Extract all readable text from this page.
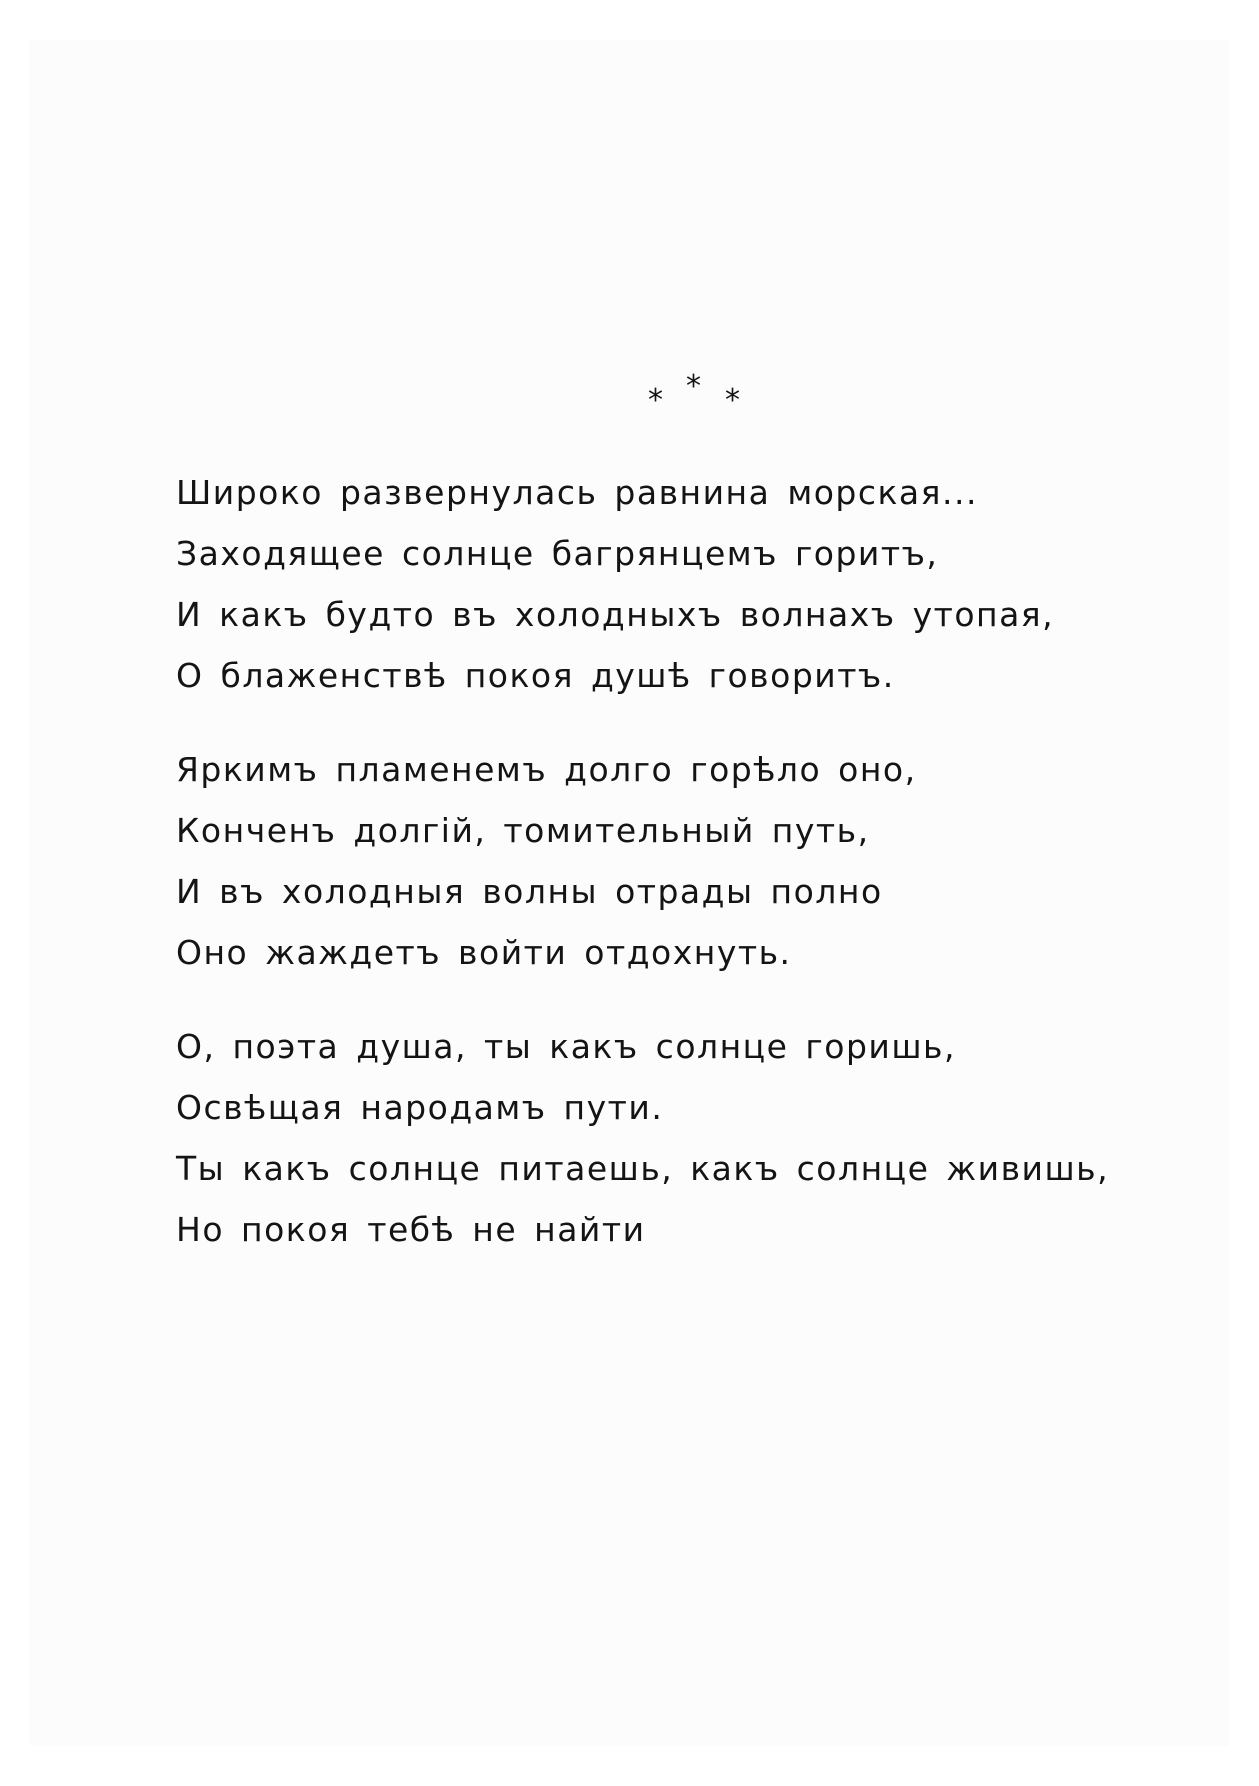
* * *
Широко развернулась равнина морская...
Заходящее солнце багрянцемъ горитъ,
И какъ будто въ холодныхъ волнахъ утопая,
О блаженствѣ покоя душѣ говоритъ.
Яркимъ пламенемъ долго горѣло оно,
Конченъ долгій, томительный путь,
И въ холодныя волны отрады полно
Оно жаждетъ войти отдохнуть.
О, поэта душа, ты какъ солнце горишь,
Освѣщая народамъ пути.
Ты какъ солнце питаешь, какъ солнце живишь,
Но покоя тебѣ не найти
